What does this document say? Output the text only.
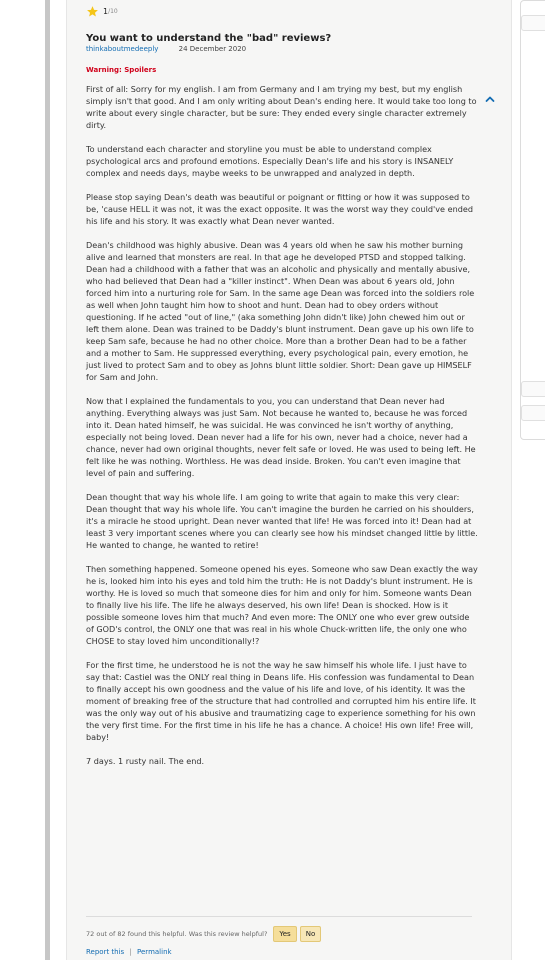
1 /10
You want to understand the "bad" reviews?
thinkaboutmedeeply	24 December 2020
Warning: Spoilers

First of all: Sorry for my english. I am from Germany and I am trying my best, but my english simply isn't that good. And I am only writing about Dean's ending here. It would take too long to write about every single character, but be sure: They ended every single character extremely dirty.

To understand each character and storyline you must be able to understand complex psychological arcs and profound emotions. Especially Dean's life and his story is INSANELY complex and needs days, maybe weeks to be unwrapped and analyzed in depth.

Please stop saying Dean's death was beautiful or poignant or fitting or how it was supposed to be, 'cause HELL it was not, it was the exact opposite. It was the worst way they could've ended his life and his story. It was exactly what Dean never wanted.

Dean's childhood was highly abusive. Dean was 4 years old when he saw his mother burning alive and learned that monsters are real. In that age he developed PTSD and stopped talking. Dean had a childhood with a father that was an alcoholic and physically and mentally abusive, who had believed that Dean had a "killer instinct". When Dean was about 6 years old, John forced him into a nurturing role for Sam. In the same age Dean was forced into the soldiers role as well when John taught him how to shoot and hunt. Dean had to obey orders without questioning. If he acted "out of line," (aka something John didn't like) John chewed him out or left them alone. Dean was trained to be Daddy's blunt instrument. Dean gave up his own life to keep Sam safe, because he had no other choice. More than a brother Dean had to be a father and a mother to Sam. He suppressed everything, every psychological pain, every emotion, he just lived to protect Sam and to obey as Johns blunt little soldier. Short: Dean gave up HIMSELF for Sam and John.

Now that I explained the fundamentals to you, you can understand that Dean never had anything. Everything always was just Sam. Not because he wanted to, because he was forced into it. Dean hated himself, he was suicidal. He was convinced he isn't worthy of anything, especially not being loved. Dean never had a life for his own, never had a choice, never had a chance, never had own original thoughts, never felt safe or loved. He was used to being left. He felt like he was nothing. Worthless. He was dead inside. Broken. You can't even imagine that level of pain and suffering.

Dean thought that way his whole life. I am going to write that again to make this very clear: Dean thought that way his whole life. You can't imagine the burden he carried on his shoulders, it's a miracle he stood upright. Dean never wanted that life! He was forced into it! Dean had at least 3 very important scenes where you can clearly see how his mindset changed little by little. He wanted to change, he wanted to retire!

Then something happened. Someone opened his eyes. Someone who saw Dean exactly the way he is, looked him into his eyes and told him the truth: He is not Daddy's blunt instrument. He is worthy. He is loved so much that someone dies for him and only for him. Someone wants Dean to finally live his life. The life he always deserved, his own life! Dean is shocked. How is it possible someone loves him that much? And even more: The ONLY one who ever grew outside of GOD's control, the ONLY one that was real in his whole Chuck-written life, the only one who CHOSE to stay loved him unconditionally!?

For the first time, he understood he is not the way he saw himself his whole life. I just have to say that: Castiel was the ONLY real thing in Deans life. His confession was fundamental to Dean to finally accept his own goodness and the value of his life and love, of his identity. It was the moment of breaking free of the structure that had controlled and corrupted him his entire life. It was the only way out of his abusive and traumatizing cage to experience something for his own the very first time. For the first time in his life he has a chance. A choice! His own life! Free will, baby!

7 days. 1 rusty nail. The end.

72 out of 82 found this helpful. Was this review helpful?	Yes	No
Report this | Permalink
